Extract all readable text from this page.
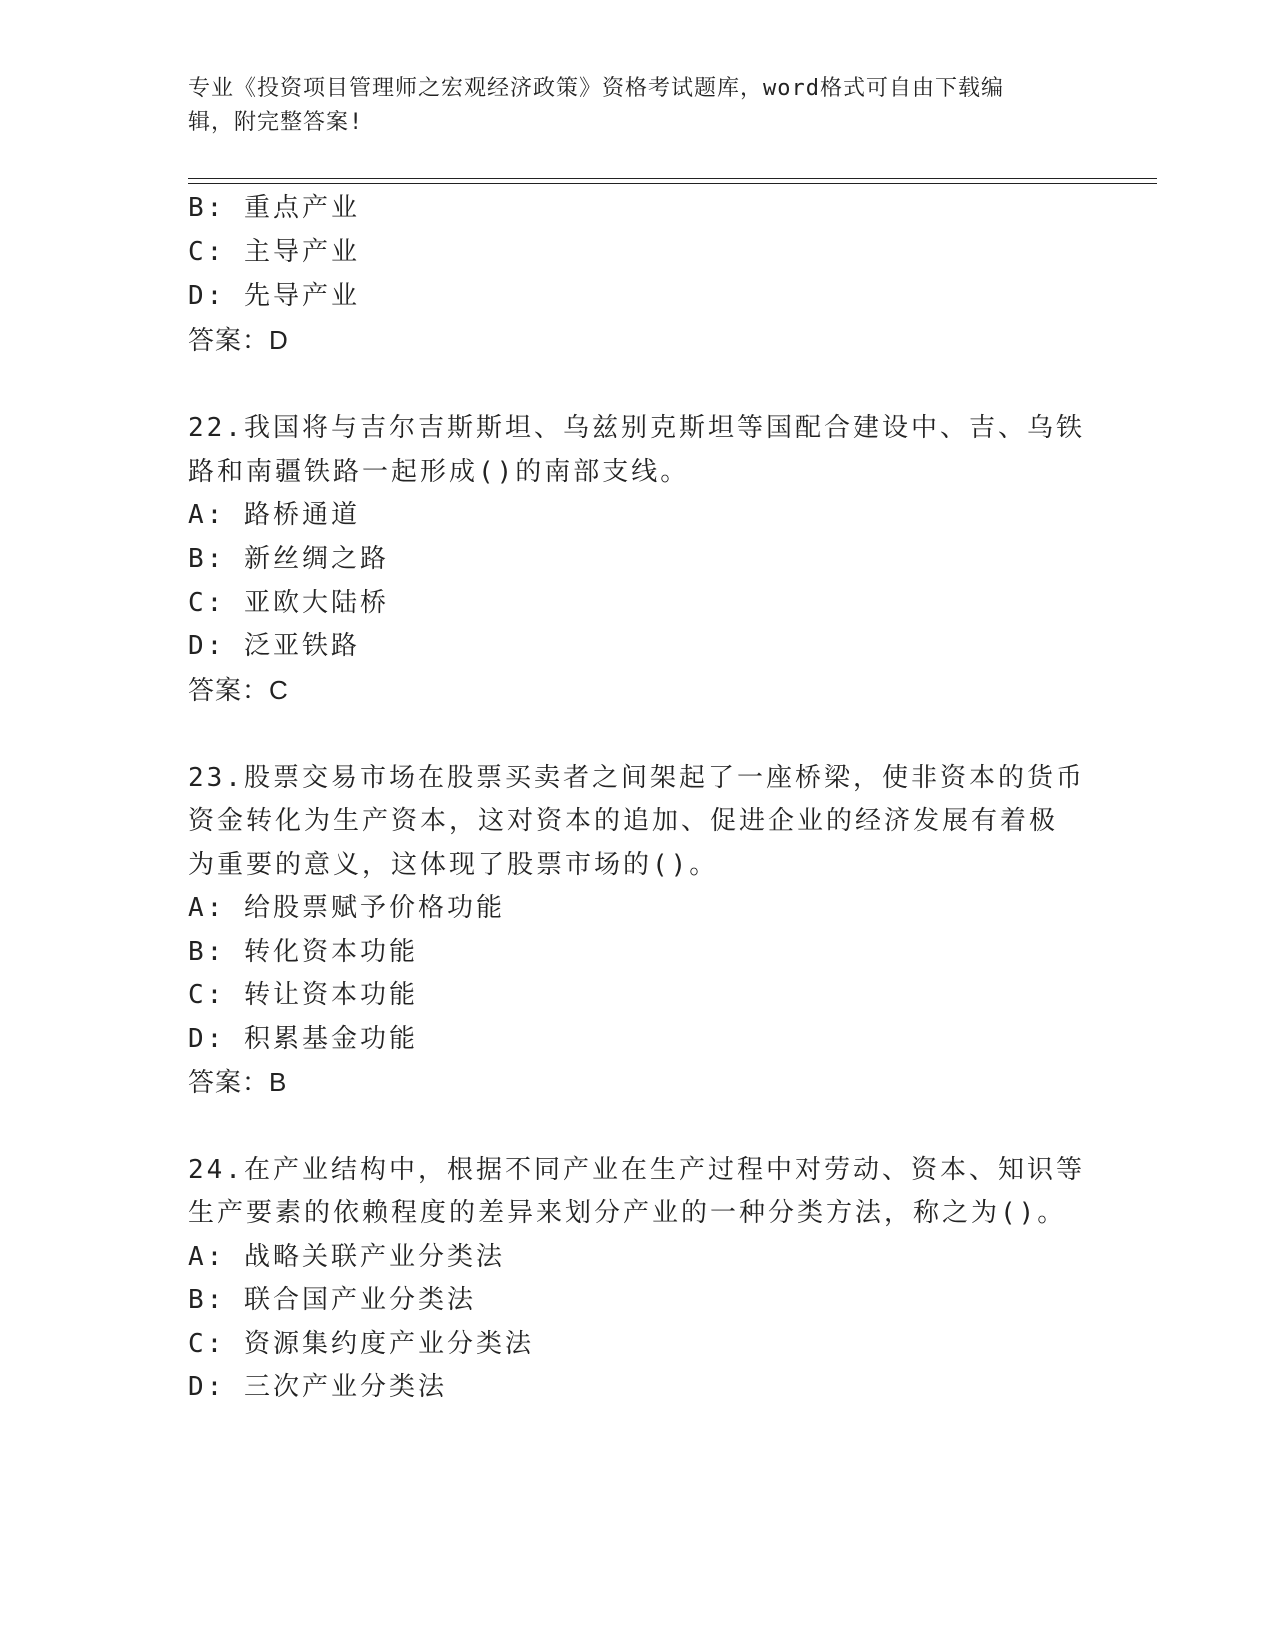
专业《投资项目管理师之宏观经济政策》资格考试题库，word格式可自由下载编
辑，附完整答案!
B: 重点产业
C: 主导产业
D: 先导产业
答案：D
22.我国将与吉尔吉斯斯坦、乌兹别克斯坦等国配合建设中、吉、乌铁
路和南疆铁路一起形成()的南部支线。
A: 路桥通道
B: 新丝绸之路
C: 亚欧大陆桥
D: 泛亚铁路
答案：C
23.股票交易市场在股票买卖者之间架起了一座桥梁，使非资本的货币
资金转化为生产资本，这对资本的追加、促进企业的经济发展有着极
为重要的意义，这体现了股票市场的()。
A: 给股票赋予价格功能
B: 转化资本功能
C: 转让资本功能
D: 积累基金功能
答案：B
24.在产业结构中，根据不同产业在生产过程中对劳动、资本、知识等
生产要素的依赖程度的差异来划分产业的一种分类方法，称之为()。
A: 战略关联产业分类法
B: 联合国产业分类法
C: 资源集约度产业分类法
D: 三次产业分类法
